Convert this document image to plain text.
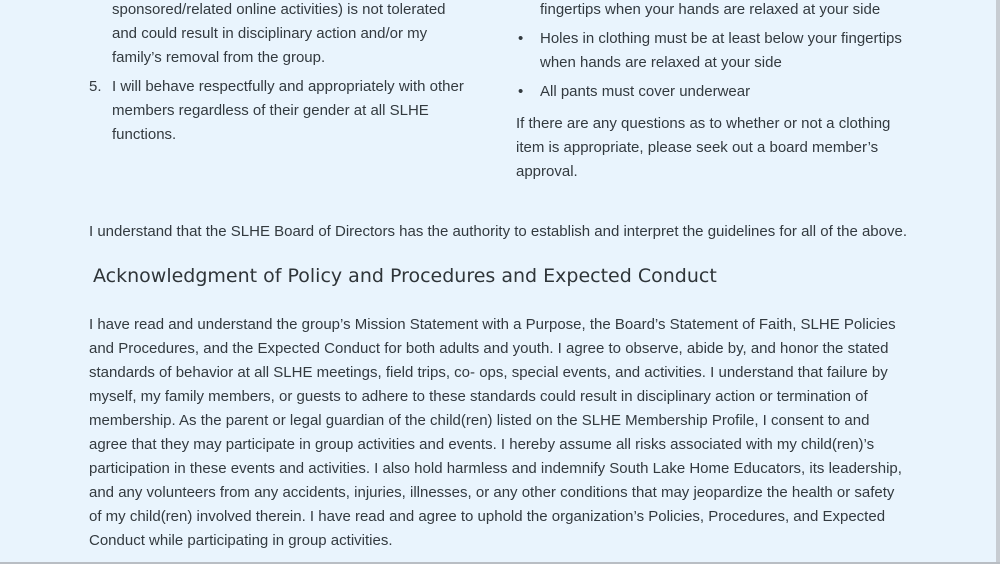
sponsored/related online activities) is not tolerated
and could result in disciplinary action and/or my
family’s removal from the group.
5. I will behave respectfully and appropriately with other
members regardless of their gender at all SLHE
functions.
fingertips when your hands are relaxed at your side
•	Holes in clothing must be at least below your fingertips
when hands are relaxed at your side
•	All pants must cover underwear
If there are any questions as to whether or not a clothing
item is appropriate, please seek out a board member’s
approval.
I understand that the SLHE Board of Directors has the authority to establish and interpret the guidelines for all of the above.
Acknowledgment of Policy and Procedures and Expected Conduct
I have read and understand the group’s Mission Statement with a Purpose, the Board’s Statement of Faith, SLHE Policies
and Procedures, and the Expected Conduct for both adults and youth. I agree to observe, abide by, and honor the stated
standards of behavior at all SLHE meetings, field trips, co- ops, special events, and activities. I understand that failure by
myself, my family members, or guests to adhere to these standards could result in disciplinary action or termination of
membership. As the parent or legal guardian of the child(ren) listed on the SLHE Membership Profile, I consent to and
agree that they may participate in group activities and events. I hereby assume all risks associated with my child(ren)’s
participation in these events and activities. I also hold harmless and indemnify South Lake Home Educators, its leadership,
and any volunteers from any accidents, injuries, illnesses, or any other conditions that may jeopardize the health or safety
of my child(ren) involved therein. I have read and agree to uphold the organization’s Policies, Procedures, and Expected
Conduct while participating in group activities.
